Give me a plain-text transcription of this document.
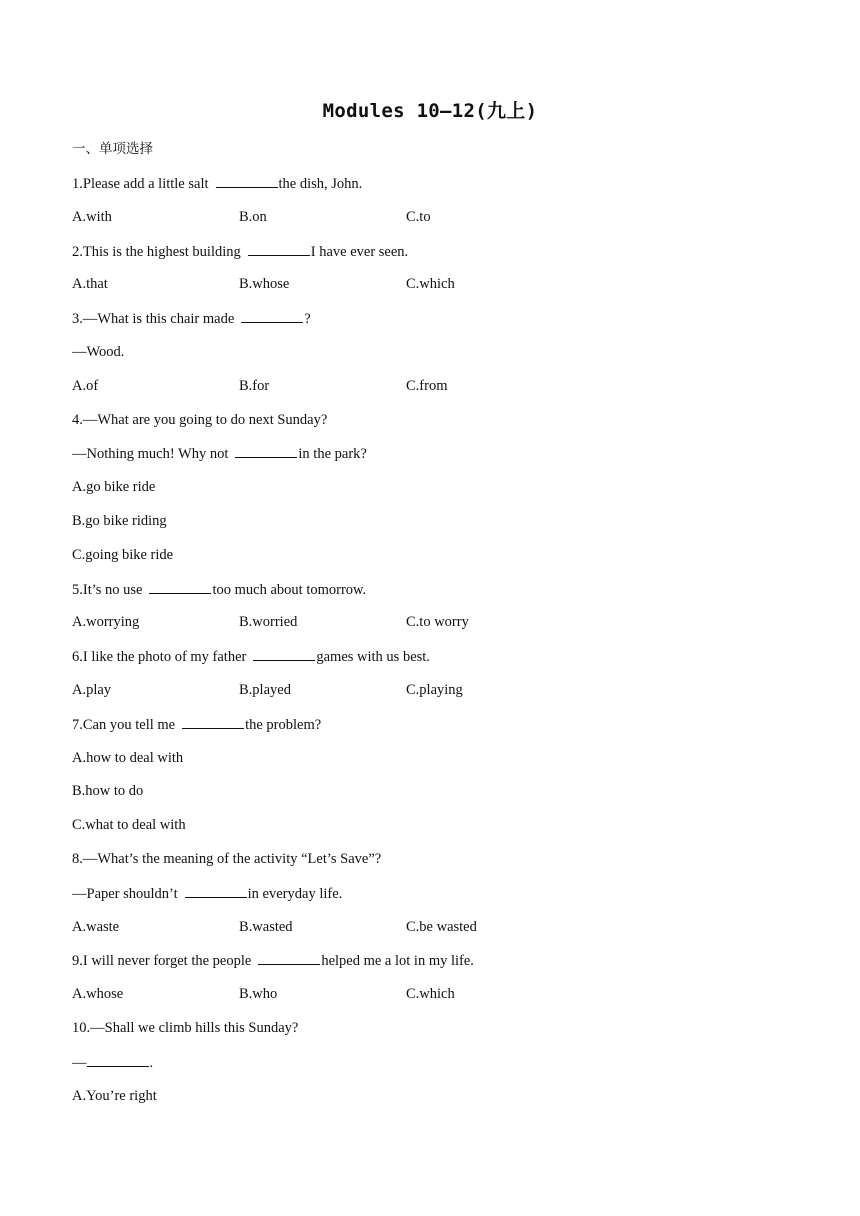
Modules 10—12(九上)
一、单项选择
1.Please add a little salt	the dish, John.
A.with	B.on	C.to
2.This is the highest building	I have ever seen.
A.that	B.whose	C.which
3.—What is this chair made	?
—Wood.
A.of	B.for	C.from
4.—What are you going to do next Sunday?
—Nothing much! Why not	in the park?
A.go bike ride
B.go bike riding
C.going bike ride
5.It’s no use	too much about tomorrow.
A.worrying	B.worried	C.to worry
6.I like the photo of my father	games with us best.
A.play	B.played	C.playing
7.Can you tell me	the problem?
A.how to deal with
B.how to do
C.what to deal with
8.—What’s the meaning of the activity “Let’s Save”?
—Paper shouldn’t	in everyday life.
A.waste	B.wasted	C.be wasted
9.I will never forget the people	helped me a lot in my life.
A.whose	B.who	C.which
10.—Shall we climb hills this Sunday?
—	.
A.You’re right
